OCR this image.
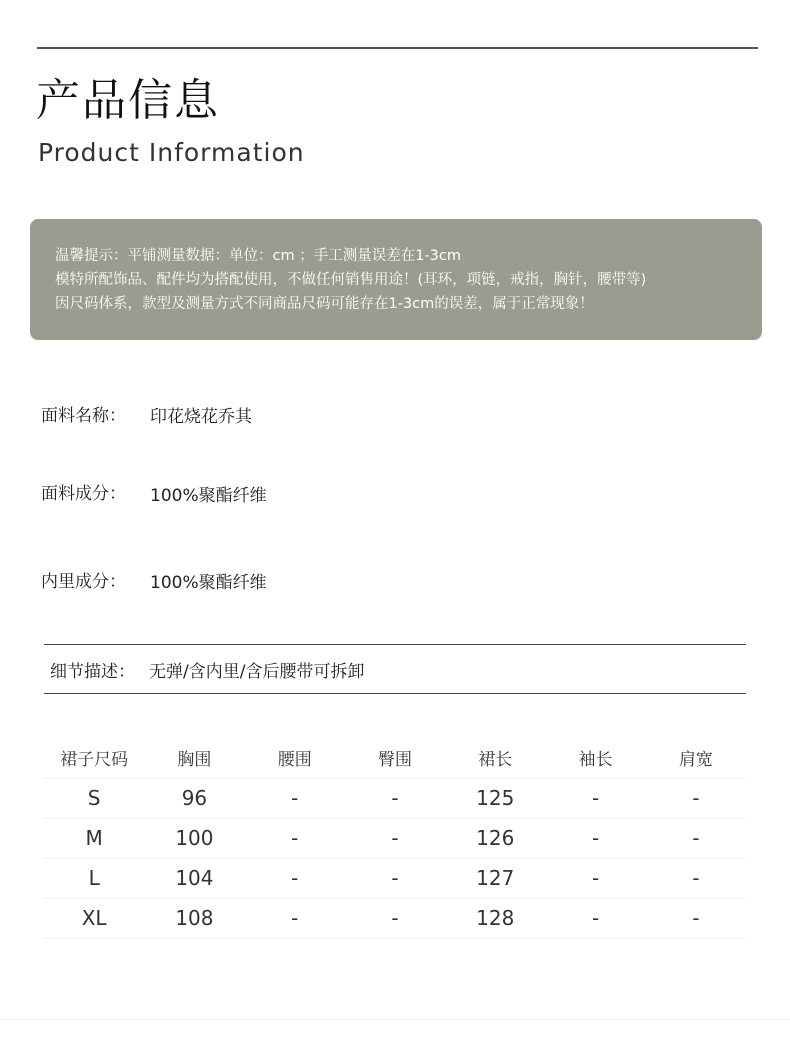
产品信息
Product Information

温馨提示：平铺测量数据：单位：cm ；手工测量误差在1-3cm

模特所配饰品、配件均为搭配使用，不做任何销售用途！(耳环，项链，戒指，胸针，腰带等)

因尺码体系，款型及测量方式不同商品尺码可能存在1-3cm的误差，属于正常现象！

面料名称： 印花烧花乔其
面料成分： 100%聚酯纤维
内里成分： 100%聚酯纤维
细节描述： 无弹/含内里/含后腰带可拆卸
裙子尺码	胸围	腰围	臀围	裙长	袖长	肩宽
S	96	-	-	125	-	-
M	100	-	-	126	-	-
L	104	-	-	127	-	-
XL	108	-	-	128	-	-
